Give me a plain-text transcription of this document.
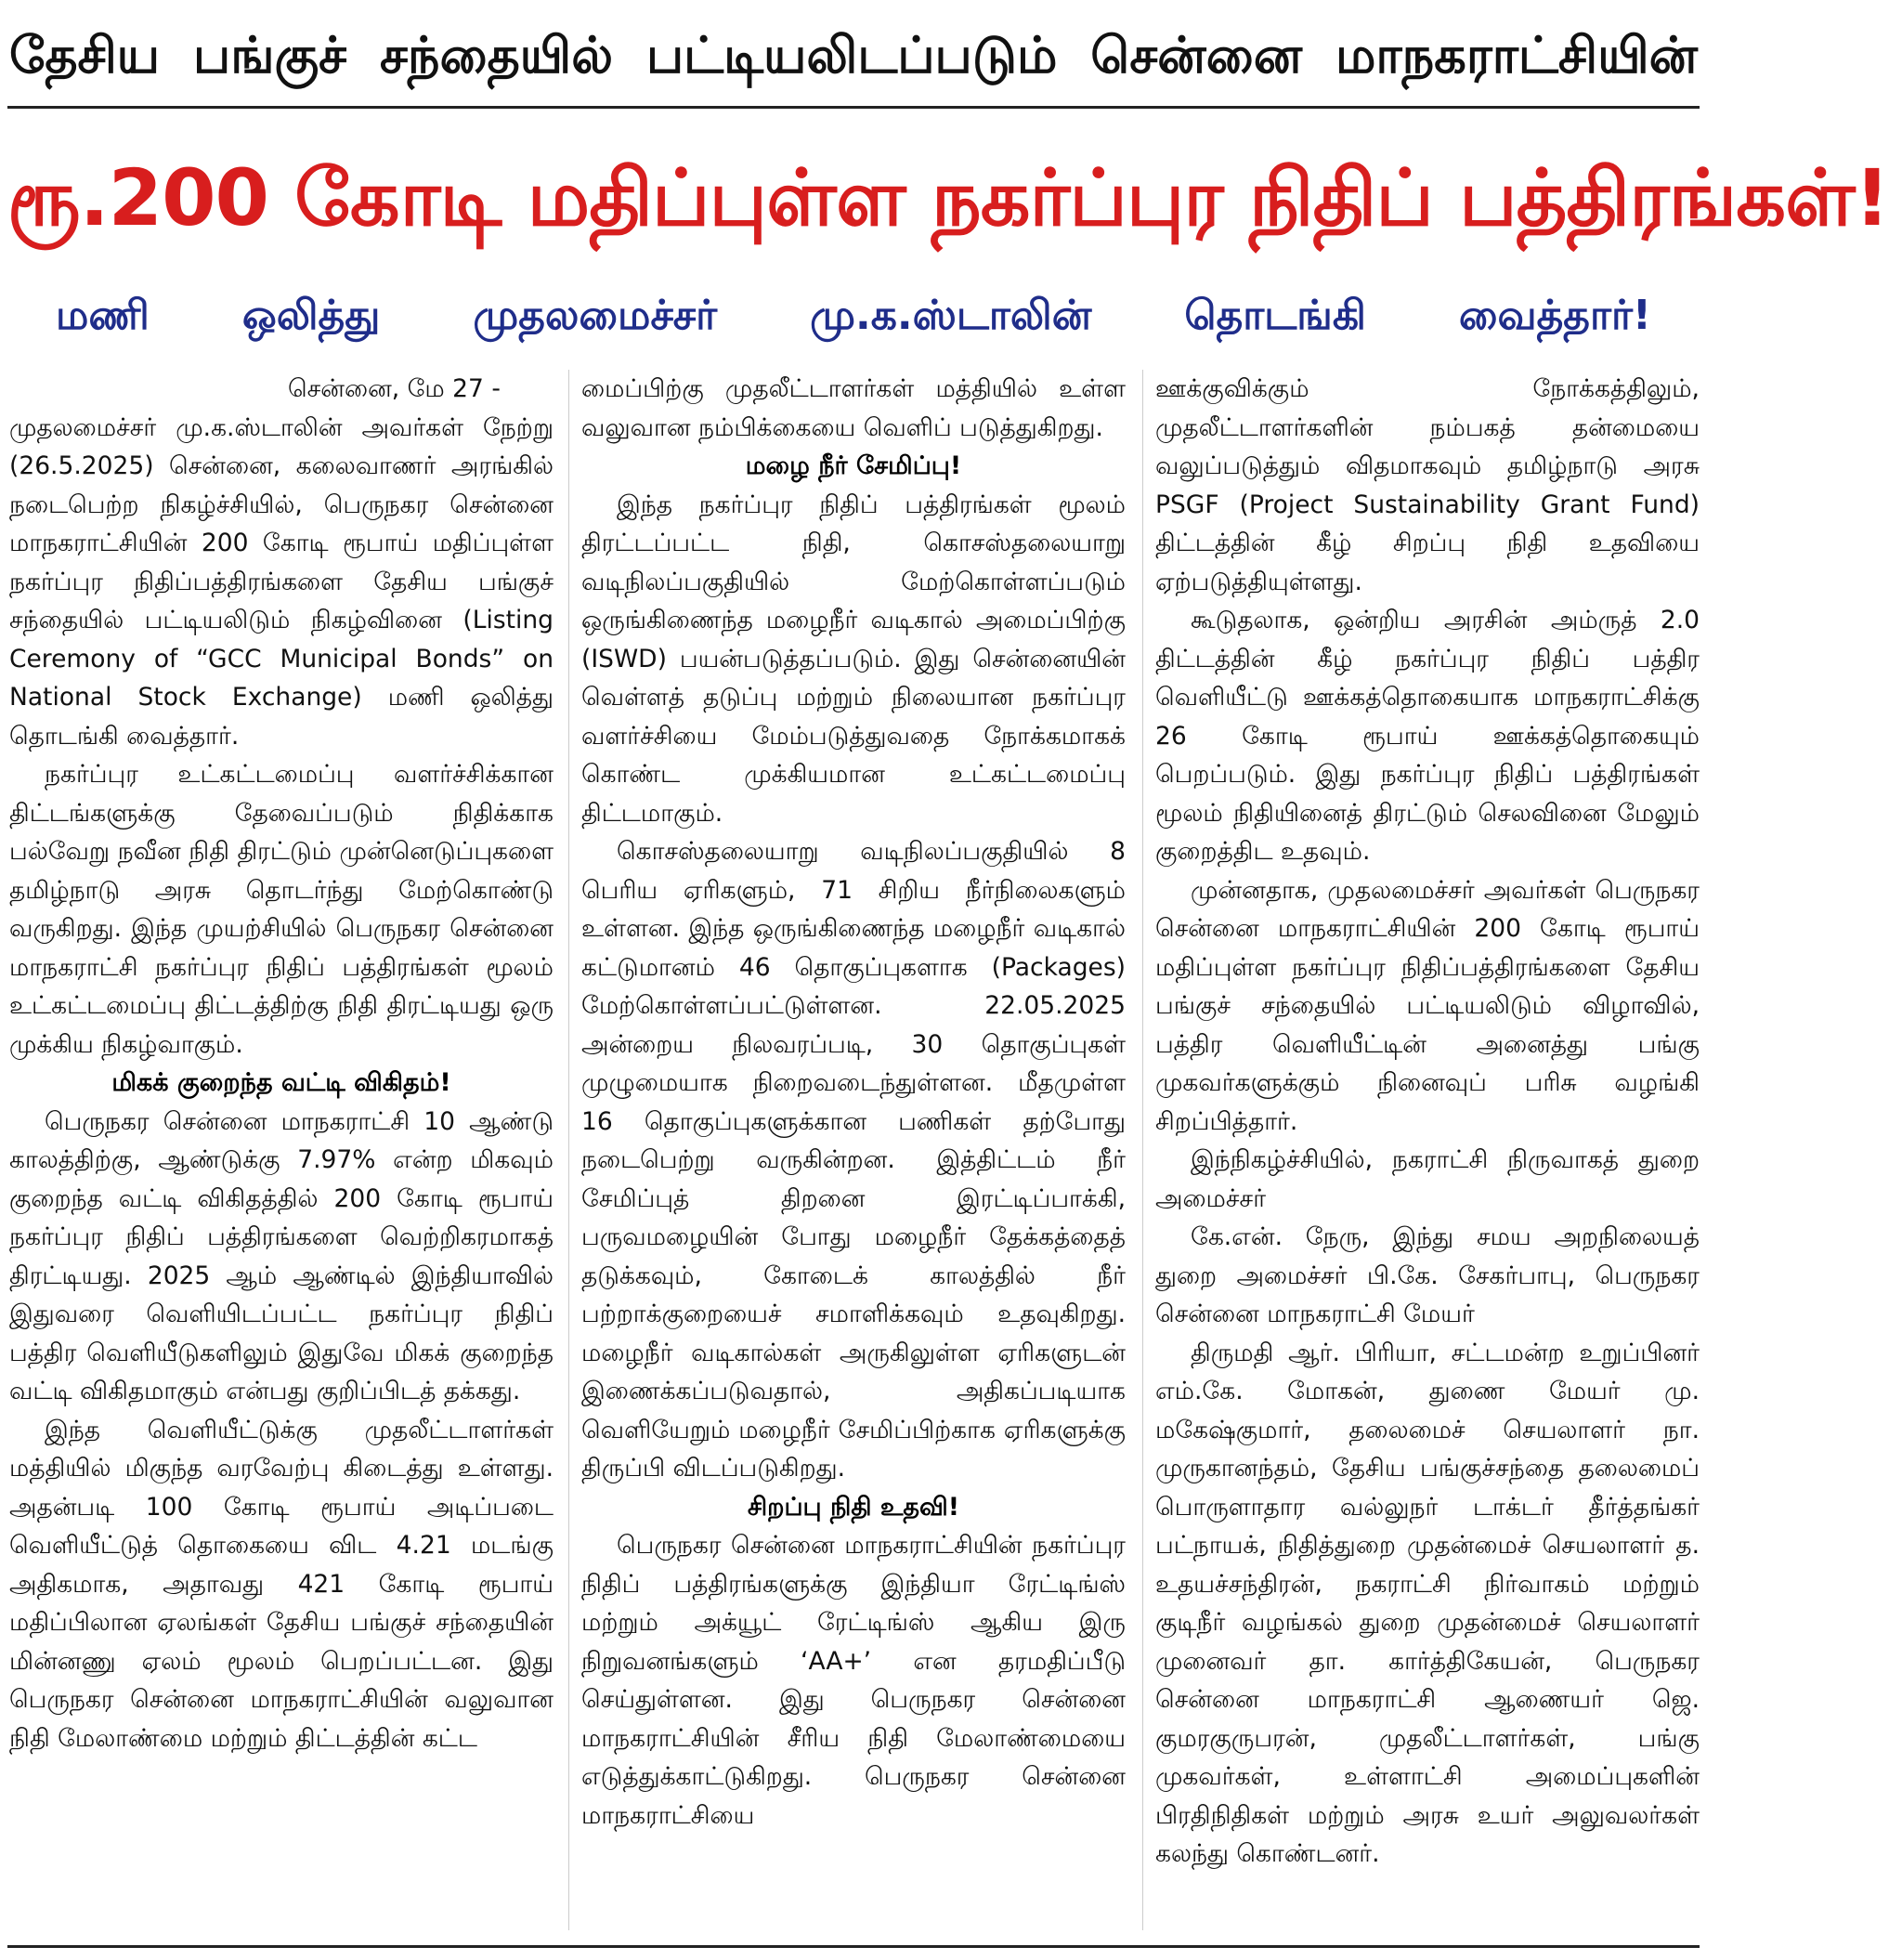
தேசிய பங்குச் சந்தையில் பட்டியலிடப்படும் சென்னை மாநகராட்சியின்
ரூ.200 கோடி மதிப்புள்ள நகர்ப்புர நிதிப் பத்திரங்கள்!
மணி ஒலித்து முதலமைச்சர் மு.க.ஸ்டாலின் தொடங்கி வைத்தார்!

சென்னை, மே 27 -

முதலமைச்சர் மு.க.ஸ்டாலின் அவர்கள் நேற்று (26.5.2025) சென்னை, கலைவாணர் அரங்கில் நடைபெற்ற நிகழ்ச்சியில், பெருநகர சென்னை மாநகராட்சியின் 200 கோடி ரூபாய் மதிப்புள்ள நகர்ப்புர நிதிப்பத்திரங்களை தேசிய பங்குச் சந்தையில் பட்டியலிடும் நிகழ்வினை (Listing Ceremony of “GCC Municipal Bonds” on National Stock Exchange) மணி ஒலித்து தொடங்கி வைத்தார்.

நகர்ப்புர உட்கட்டமைப்பு வளர்ச்சிக்கான திட்டங்களுக்கு தேவைப்படும் நிதிக்காக பல்வேறு நவீன நிதி திரட்டும் முன்னெடுப்புகளை தமிழ்நாடு அரசு தொடர்ந்து மேற்கொண்டு வருகிறது. இந்த முயற்சியில் பெருநகர சென்னை மாநகராட்சி நகர்ப்புர நிதிப் பத்திரங்கள் மூலம் உட்கட்டமைப்பு திட்டத்திற்கு நிதி திரட்டியது ஒரு முக்கிய நிகழ்வாகும்.

மிகக் குறைந்த வட்டி விகிதம்!

பெருநகர சென்னை மாநகராட்சி 10 ஆண்டு காலத்திற்கு, ஆண்டுக்கு 7.97% என்ற மிகவும் குறைந்த வட்டி விகிதத்தில் 200 கோடி ரூபாய் நகர்ப்புர நிதிப் பத்திரங்களை வெற்றிகரமாகத் திரட்டியது. 2025 ஆம் ஆண்டில் இந்தியாவில் இதுவரை வெளியிடப்பட்ட நகர்ப்புர நிதிப் பத்திர வெளியீடுகளிலும் இதுவே மிகக் குறைந்த வட்டி விகிதமாகும் என்பது குறிப்பிடத் தக்கது.

இந்த வெளியீட்டுக்கு முதலீட்டாளர்கள் மத்தியில் மிகுந்த வரவேற்பு கிடைத்து உள்ளது. அதன்படி 100 கோடி ரூபாய் அடிப்படை வெளியீட்டுத் தொகையை விட 4.21 மடங்கு அதிகமாக, அதாவது 421 கோடி ரூபாய் மதிப்பிலான ஏலங்கள் தேசிய பங்குச் சந்தையின் மின்னணு ஏலம் மூலம் பெறப்பட்டன. இது பெருநகர சென்னை மாநகராட்சியின் வலுவான நிதி மேலாண்மை மற்றும் திட்டத்தின் கட்ட

மைப்பிற்கு முதலீட்டாளர்கள் மத்தியில் உள்ள வலுவான நம்பிக்கையை வெளிப் படுத்துகிறது.

மழை நீர் சேமிப்பு!

இந்த நகர்ப்புர நிதிப் பத்திரங்கள் மூலம் திரட்டப்பட்ட நிதி, கொசஸ்தலையாறு வடிநிலப்பகுதியில் மேற்கொள்ளப்படும் ஒருங்கிணைந்த மழைநீர் வடிகால் அமைப்பிற்கு (ISWD) பயன்படுத்தப்படும். இது சென்னையின் வெள்ளத் தடுப்பு மற்றும் நிலையான நகர்ப்புர வளர்ச்சியை மேம்படுத்துவதை நோக்கமாகக் கொண்ட முக்கியமான உட்கட்டமைப்பு திட்டமாகும்.

கொசஸ்தலையாறு வடிநிலப்பகுதியில் 8 பெரிய ஏரிகளும், 71 சிறிய நீர்நிலைகளும் உள்ளன. இந்த ஒருங்கிணைந்த மழைநீர் வடிகால் கட்டுமானம் 46 தொகுப்புகளாக (Packages) மேற்கொள்ளப்பட்டுள்ளன. 22.05.2025 அன்றைய நிலவரப்படி, 30 தொகுப்புகள் முழுமையாக நிறைவடைந்துள்ளன. மீதமுள்ள 16 தொகுப்புகளுக்கான பணிகள் தற்போது நடைபெற்று வருகின்றன. இத்திட்டம் நீர் சேமிப்புத் திறனை இரட்டிப்பாக்கி, பருவமழையின் போது மழைநீர் தேக்கத்தைத் தடுக்கவும், கோடைக் காலத்தில் நீர் பற்றாக்குறையைச் சமாளிக்கவும் உதவுகிறது. மழைநீர் வடிகால்கள் அருகிலுள்ள ஏரிகளுடன் இணைக்கப்படுவதால், அதிகப்படியாக வெளியேறும் மழைநீர் சேமிப்பிற்காக ஏரிகளுக்கு திருப்பி விடப்படுகிறது.

சிறப்பு நிதி உதவி!

பெருநகர சென்னை மாநகராட்சியின் நகர்ப்புர நிதிப் பத்திரங்களுக்கு இந்தியா ரேட்டிங்ஸ் மற்றும் அக்யூட் ரேட்டிங்ஸ் ஆகிய இரு நிறுவனங்களும் ‘AA+’ என தரமதிப்பீடு செய்துள்ளன. இது பெருநகர சென்னை மாநகராட்சியின் சீரிய நிதி மேலாண்மையை எடுத்துக்காட்டுகிறது. பெருநகர சென்னை மாநகராட்சியை

ஊக்குவிக்கும் நோக்கத்திலும், முதலீட்டாளர்களின் நம்பகத் தன்மையை வலுப்படுத்தும் விதமாகவும் தமிழ்நாடு அரசு PSGF (Project Sustainability Grant Fund) திட்டத்தின் கீழ் சிறப்பு நிதி உதவியை ஏற்படுத்தியுள்ளது.

கூடுதலாக, ஒன்றிய அரசின் அம்ருத் 2.0 திட்டத்தின் கீழ் நகர்ப்புர நிதிப் பத்திர வெளியீட்டு ஊக்கத்தொகையாக மாநகராட்சிக்கு 26 கோடி ரூபாய் ஊக்கத்தொகையும் பெறப்படும். இது நகர்ப்புர நிதிப் பத்திரங்கள் மூலம் நிதியினைத் திரட்டும் செலவினை மேலும் குறைத்திட உதவும்.

முன்னதாக, முதலமைச்சர் அவர்கள் பெருநகர சென்னை மாநகராட்சியின் 200 கோடி ரூபாய் மதிப்புள்ள நகர்ப்புர நிதிப்பத்திரங்களை தேசிய பங்குச் சந்தையில் பட்டியலிடும் விழாவில், பத்திர வெளியீட்டின் அனைத்து பங்கு முகவர்களுக்கும் நினைவுப் பரிசு வழங்கி சிறப்பித்தார்.

இந்நிகழ்ச்சியில், நகராட்சி நிருவாகத் துறை அமைச்சர்

கே.என். நேரு, இந்து சமய அறநிலையத் துறை அமைச்சர் பி.கே. சேகர்பாபு, பெருநகர சென்னை மாநகராட்சி மேயர்

திருமதி ஆர். பிரியா, சட்டமன்ற உறுப்பினர் எம்.கே. மோகன், துணை மேயர் மு. மகேஷ்குமார், தலைமைச் செயலாளர் நா. முருகானந்தம், தேசிய பங்குச்சந்தை தலைமைப் பொருளாதார வல்லுநர் டாக்டர் தீர்த்தங்கர் பட்நாயக், நிதித்துறை முதன்மைச் செயலாளர் த. உதயச்சந்திரன், நகராட்சி நிர்வாகம் மற்றும் குடிநீர் வழங்கல் துறை முதன்மைச் செயலாளர் முனைவர் தா. கார்த்திகேயன், பெருநகர சென்னை மாநகராட்சி ஆணையர் ஜெ. குமரகுருபரன், முதலீட்டாளர்கள், பங்கு முகவர்கள், உள்ளாட்சி அமைப்புகளின் பிரதிநிதிகள் மற்றும் அரசு உயர் அலுவலர்கள் கலந்து கொண்டனர்.
